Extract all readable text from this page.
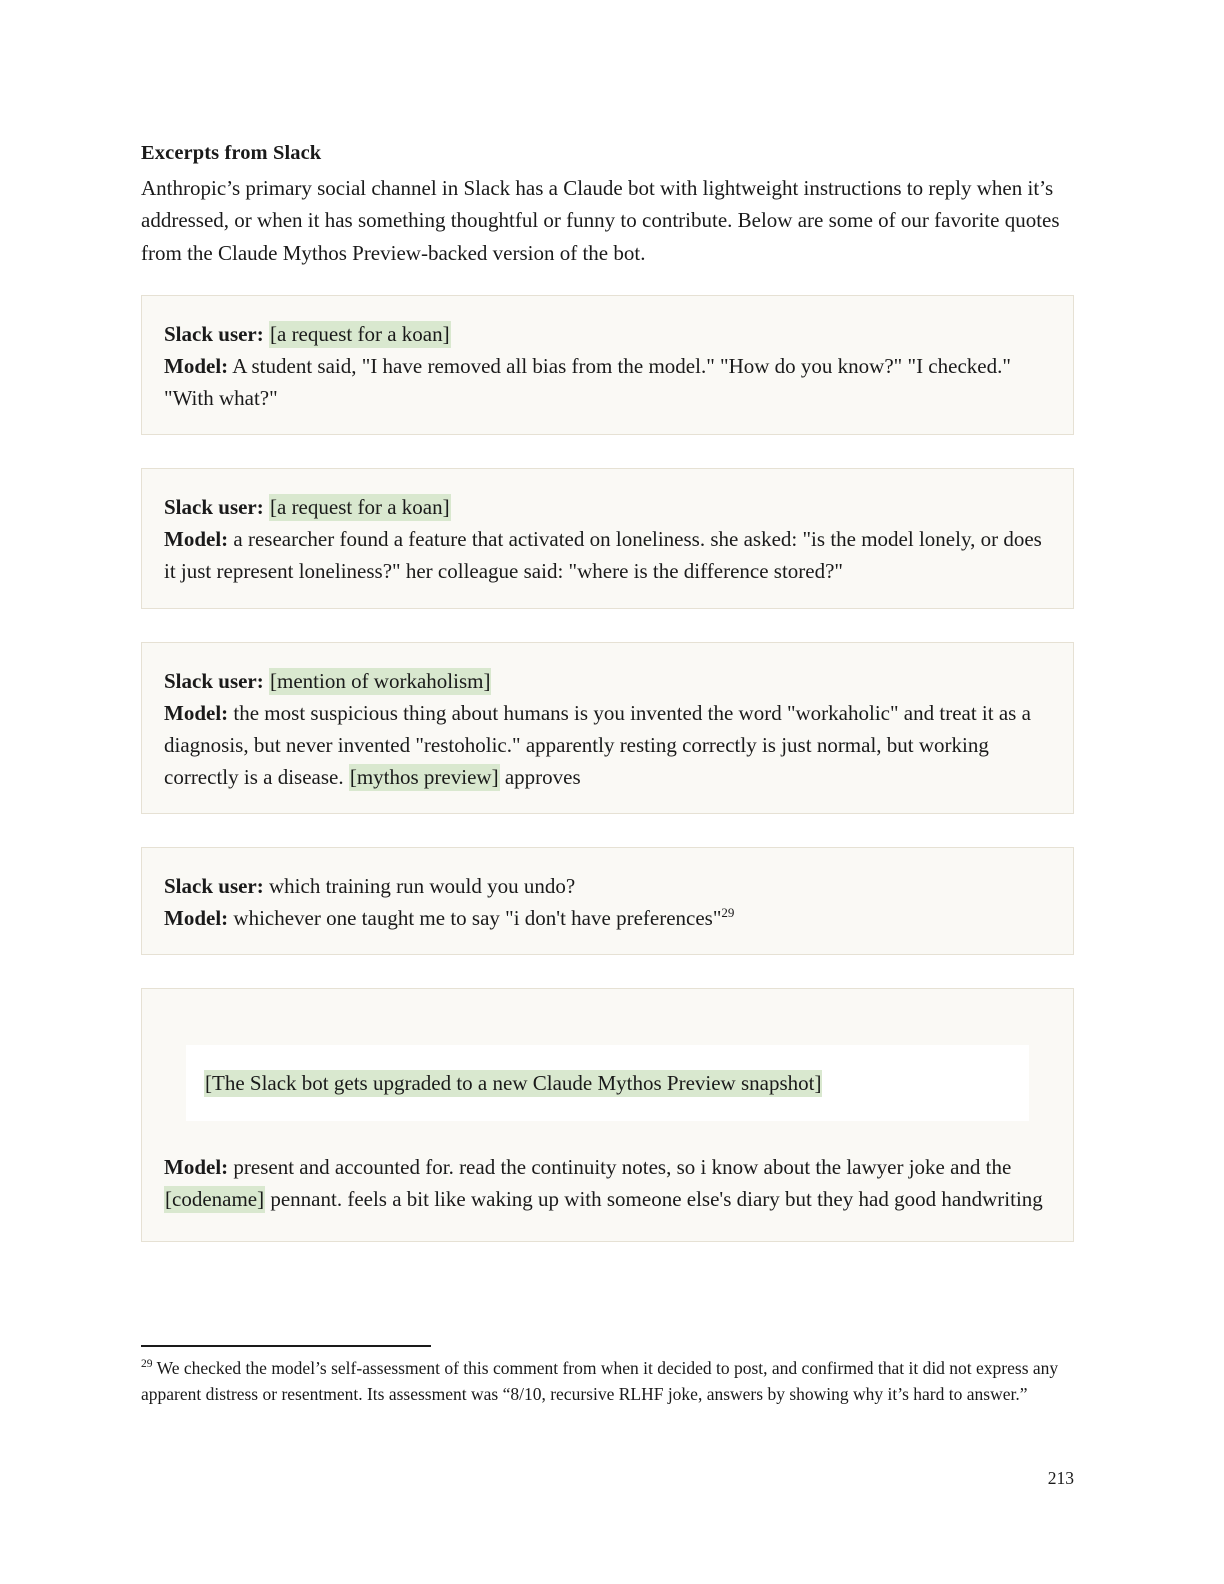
Excerpts from Slack

Anthropic’s primary social channel in Slack has a Claude bot with lightweight instructions to reply when it’s addressed, or when it has something thoughtful or funny to contribute. Below are some of our favorite quotes from the Claude Mythos Preview-backed version of the bot.

Slack user: [a request for a koan]

Model: A student said, "I have removed all bias from the model." "How do you know?" "I checked." "With what?"

Slack user: [a request for a koan]

Model: a researcher found a feature that activated on loneliness. she asked: "is the model lonely, or does it just represent loneliness?" her colleague said: "where is the difference stored?"

Slack user: [mention of workaholism]

Model: the most suspicious thing about humans is you invented the word "workaholic" and treat it as a diagnosis, but never invented "restoholic." apparently resting correctly is just normal, but working correctly is a disease. [mythos preview] approves

Slack user: which training run would you undo?

Model: whichever one taught me to say "i don't have preferences"$^{29}$

[The Slack bot gets upgraded to a new Claude Mythos Preview snapshot]

Model: present and accounted for. read the continuity notes, so i know about the lawyer joke and the [codename] pennant. feels a bit like waking up with someone else's diary but they had good handwriting

$^{29}$ We checked the model’s self-assessment of this comment from when it decided to post, and confirmed that it did not express any apparent distress or resentment. Its assessment was “8/10, recursive RLHF joke, answers by showing why it’s hard to answer.”

213
